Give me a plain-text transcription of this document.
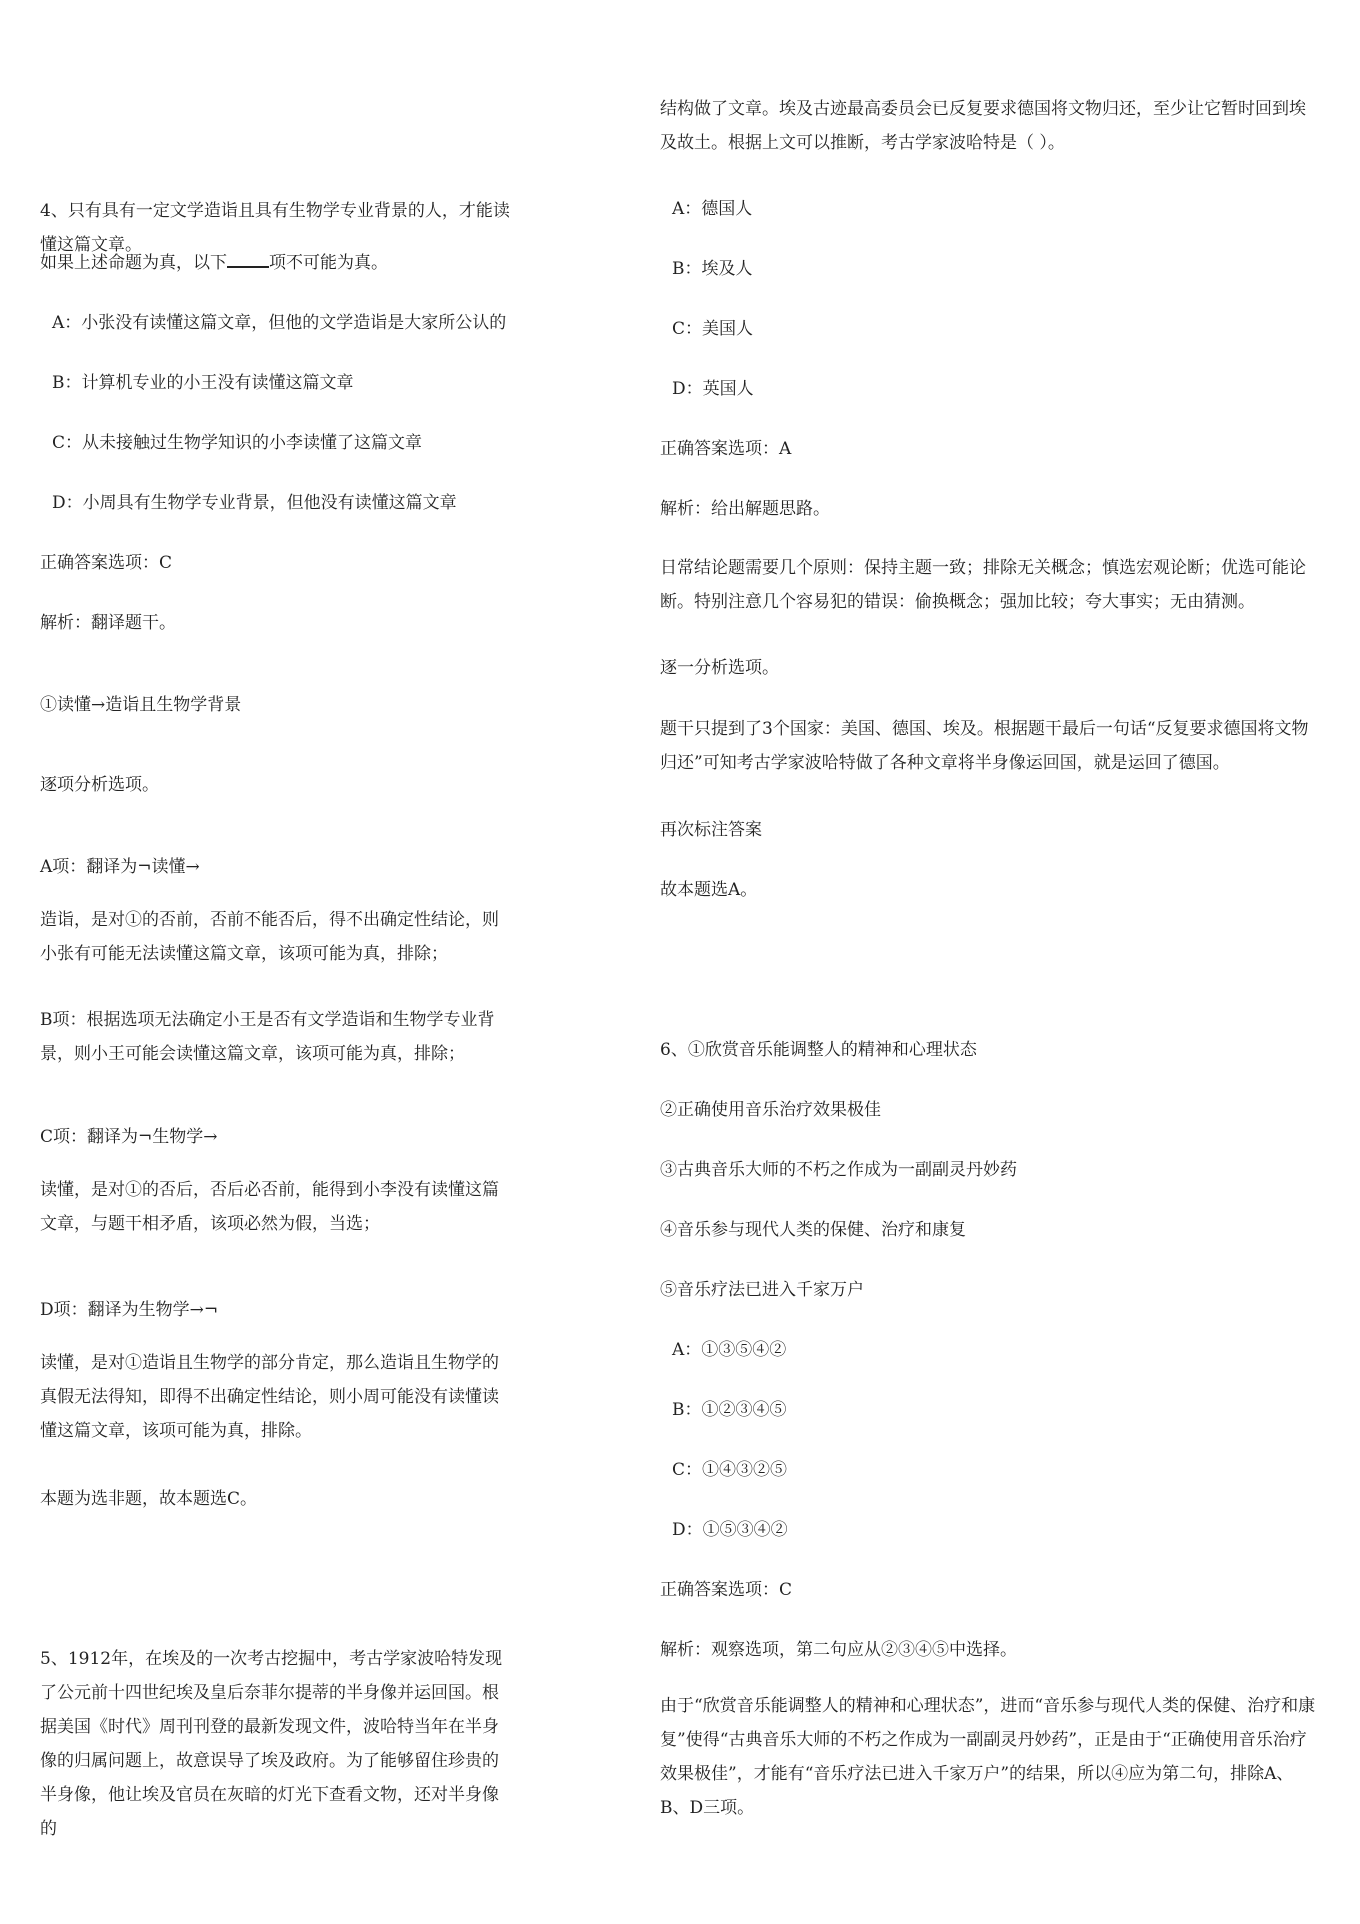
4、只有具有一定文学造诣且具有生物学专业背景的人，才能读懂这篇文章。

如果上述命题为真，以下 项不可能为真。

A：小张没有读懂这篇文章，但他的文学造诣是大家所公认的

B：计算机专业的小王没有读懂这篇文章

C：从未接触过生物学知识的小李读懂了这篇文章

D：小周具有生物学专业背景，但他没有读懂这篇文章

正确答案选项：C

解析：翻译题干。

①读懂→造诣且生物学背景

逐项分析选项。

A项：翻译为¬读懂→

造诣，是对①的否前，否前不能否后，得不出确定性结论，则小张有可能无法读懂这篇文章，该项可能为真，排除；

B项：根据选项无法确定小王是否有文学造诣和生物学专业背景，则小王可能会读懂这篇文章，该项可能为真，排除；

C项：翻译为¬生物学→

读懂，是对①的否后，否后必否前，能得到小李没有读懂这篇文章，与题干相矛盾，该项必然为假，当选；

D项：翻译为生物学→¬

读懂，是对①造诣且生物学的部分肯定，那么造诣且生物学的真假无法得知，即得不出确定性结论，则小周可能没有读懂读懂这篇文章，该项可能为真，排除。

本题为选非题，故本题选C。

5、1912年，在埃及的一次考古挖掘中，考古学家波哈特发现了公元前十四世纪埃及皇后奈菲尔提蒂的半身像并运回国。根据美国《时代》周刊刊登的最新发现文件，波哈特当年在半身像的归属问题上，故意误导了埃及政府。为了能够留住珍贵的半身像，他让埃及官员在灰暗的灯光下查看文物，还对半身像的

结构做了文章。埃及古迹最高委员会已反复要求德国将文物归还，至少让它暂时回到埃及故土。根据上文可以推断，考古学家波哈特是（ ）。

A：德国人

B：埃及人

C：美国人

D：英国人

正确答案选项：A

解析：给出解题思路。

日常结论题需要几个原则：保持主题一致；排除无关概念；慎选宏观论断；优选可能论断。特别注意几个容易犯的错误：偷换概念；强加比较；夸大事实；无由猜测。

逐一分析选项。

题干只提到了3个国家：美国、德国、埃及。根据题干最后一句话“反复要求德国将文物归还”可知考古学家波哈特做了各种文章将半身像运回国，就是运回了德国。

再次标注答案

故本题选A。

6、①欣赏音乐能调整人的精神和心理状态

②正确使用音乐治疗效果极佳

③古典音乐大师的不朽之作成为一副副灵丹妙药

④音乐参与现代人类的保健、治疗和康复

⑤音乐疗法已进入千家万户

A：①③⑤④②

B：①②③④⑤

C：①④③②⑤

D：①⑤③④②

正确答案选项：C

解析：观察选项，第二句应从②③④⑤中选择。

由于“欣赏音乐能调整人的精神和心理状态”，进而“音乐参与现代人类的保健、治疗和康复”使得“古典音乐大师的不朽之作成为一副副灵丹妙药”，正是由于“正确使用音乐治疗效果极佳”，才能有“音乐疗法已进入千家万户”的结果，所以④应为第二句，排除A、B、D三项。
